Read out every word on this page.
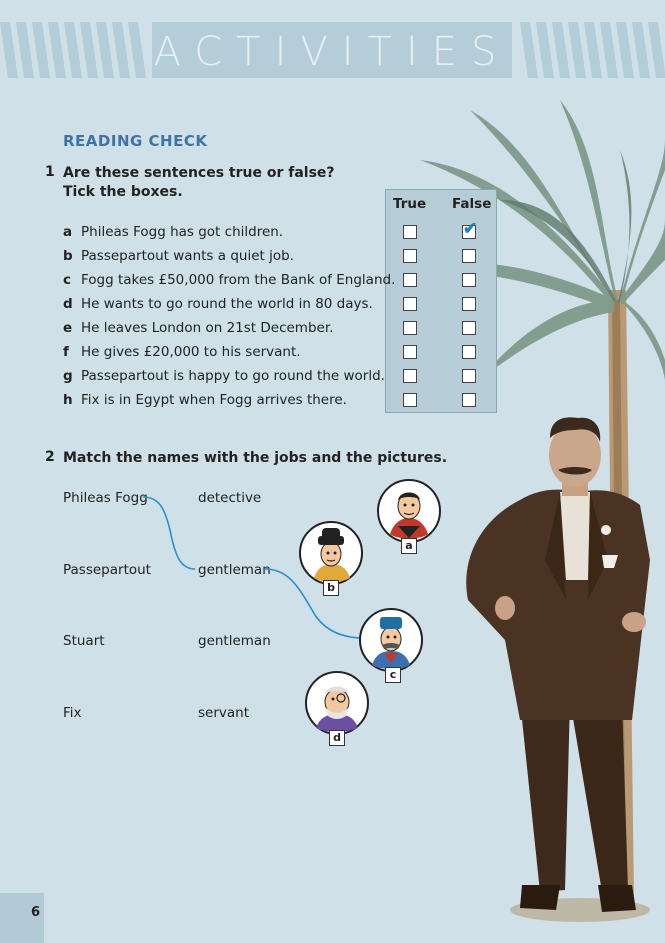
ACTIVITIES
READING CHECK
1 Are these sentences true or false?
Tick the boxes.
True False
a Phileas Fogg has got children.	✔
b Passepartout wants a quiet job.
c Fogg takes £50,000 from the Bank of England.
d He wants to go round the world in 80 days.
e He leaves London on 21st December.
f He gives £20,000 to his servant.
g Passepartout is happy to go round the world.
h Fix is in Egypt when Fogg arrives there.
2 Match the names with the jobs and the pictures.
Phileas Fogg
Passepartout
Stuart
Fix
detective
gentleman
gentleman
servant
a
b
c
d
6
